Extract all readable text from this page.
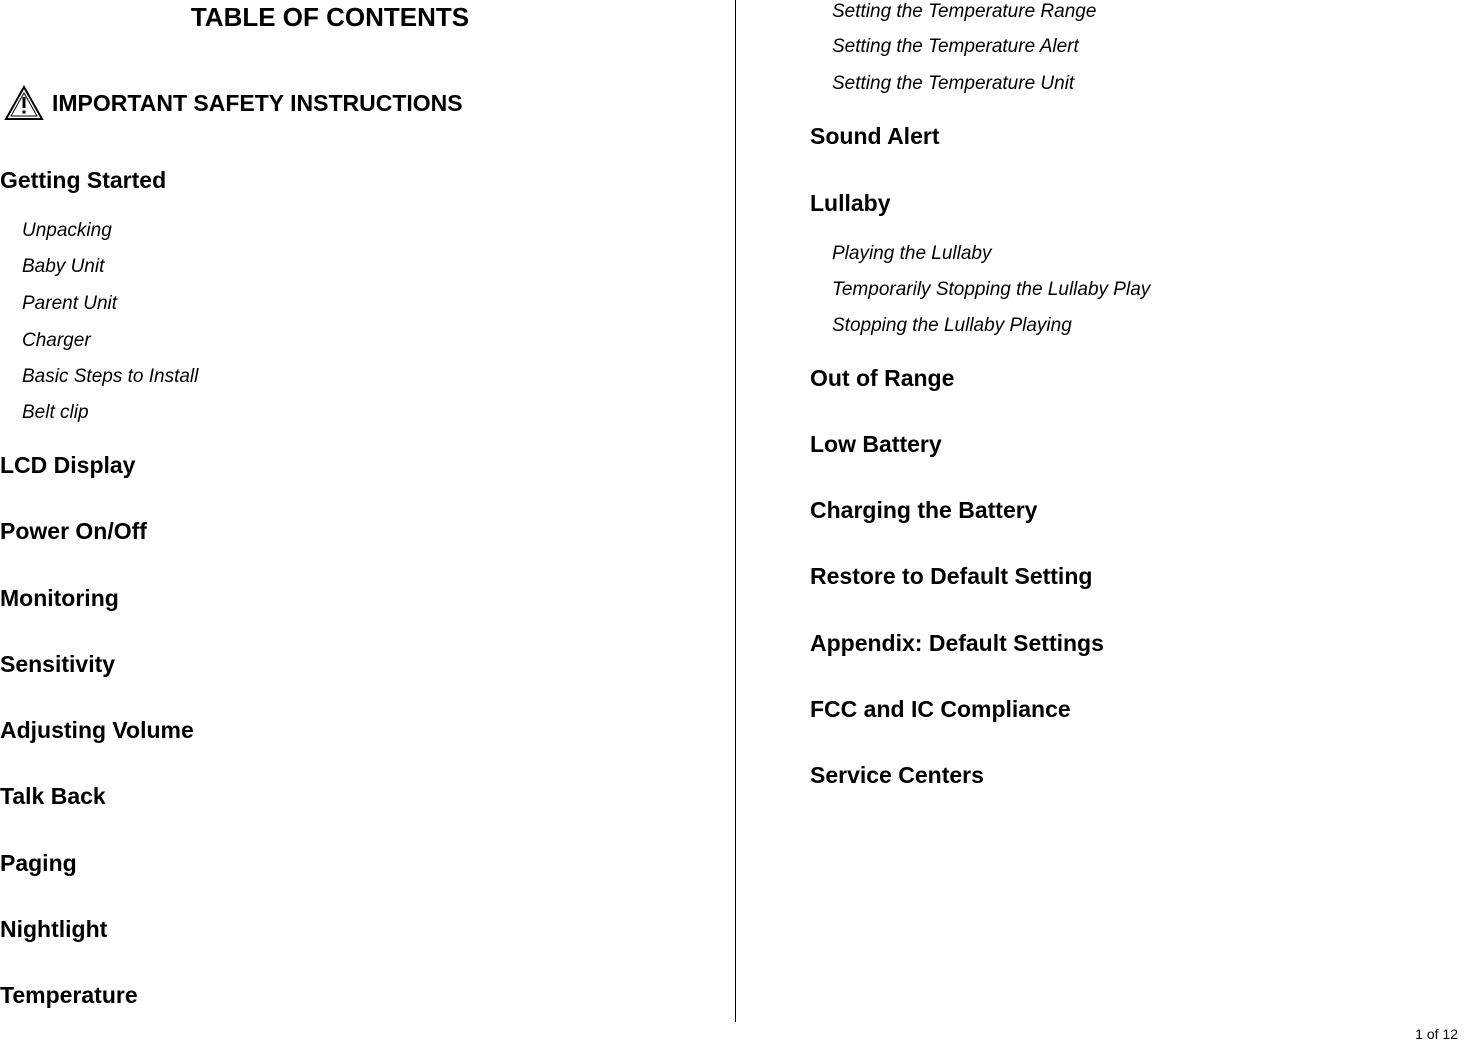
TABLE OF CONTENTS
IMPORTANT SAFETY INSTRUCTIONS
Getting Started
Unpacking
Baby Unit
Parent Unit
Charger
Basic Steps to Install
Belt clip
LCD Display
Power On/Off
Monitoring
Sensitivity
Adjusting Volume
Talk Back
Paging
Nightlight
Temperature
Setting the Temperature Range
Setting the Temperature Alert
Setting the Temperature Unit
Sound Alert
Lullaby
Playing the Lullaby
Temporarily Stopping the Lullaby Play
Stopping the Lullaby Playing
Out of Range
Low Battery
Charging the Battery
Restore to Default Setting
Appendix: Default Settings
FCC and IC Compliance
Service Centers
1 of 12
